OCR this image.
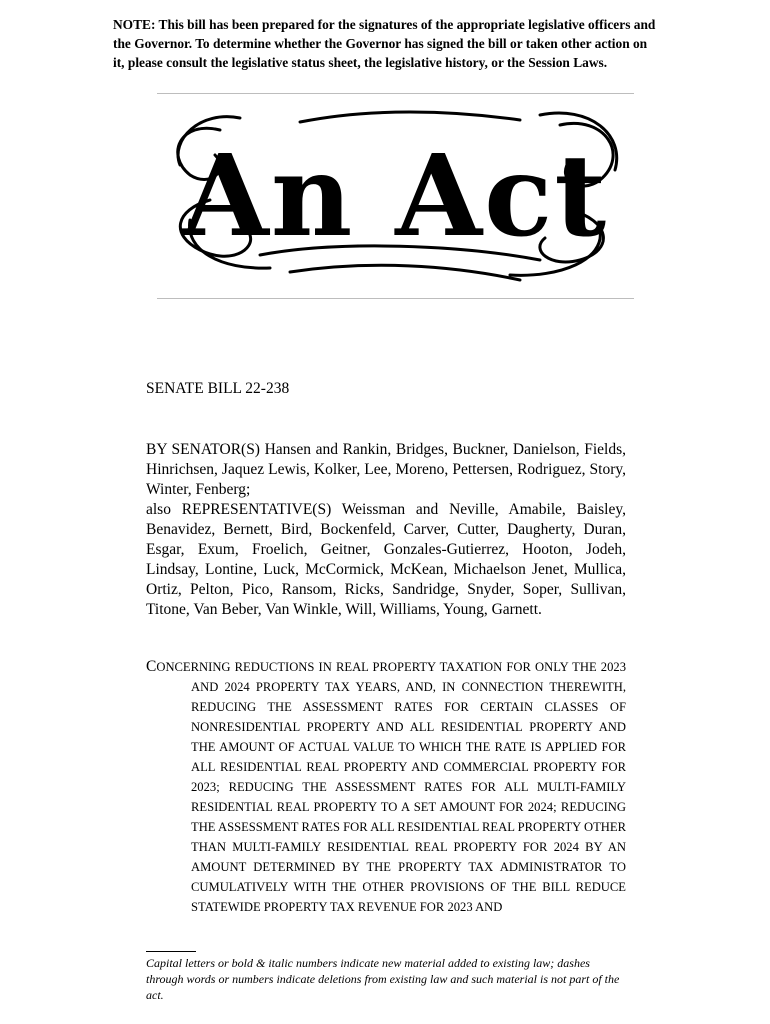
NOTE: This bill has been prepared for the signatures of the appropriate legislative officers and the Governor. To determine whether the Governor has signed the bill or taken other action on it, please consult the legislative status sheet, the legislative history, or the Session Laws.
An Act
SENATE BILL 22-238

BY SENATOR(S) Hansen and Rankin, Bridges, Buckner, Danielson, Fields, Hinrichsen, Jaquez Lewis, Kolker, Lee, Moreno, Pettersen, Rodriguez, Story, Winter, Fenberg;

also REPRESENTATIVE(S) Weissman and Neville, Amabile, Baisley, Benavidez, Bernett, Bird, Bockenfeld, Carver, Cutter, Daugherty, Duran, Esgar, Exum, Froelich, Geitner, Gonzales-Gutierrez, Hooton, Jodeh, Lindsay, Lontine, Luck, McCormick, McKean, Michaelson Jenet, Mullica, Ortiz, Pelton, Pico, Ransom, Ricks, Sandridge, Snyder, Soper, Sullivan, Titone, Van Beber, Van Winkle, Will, Williams, Young, Garnett.

CONCERNING REDUCTIONS IN REAL PROPERTY TAXATION FOR ONLY THE 2023 AND 2024 PROPERTY TAX YEARS, AND, IN CONNECTION THEREWITH, REDUCING THE ASSESSMENT RATES FOR CERTAIN CLASSES OF NONRESIDENTIAL PROPERTY AND ALL RESIDENTIAL PROPERTY AND THE AMOUNT OF ACTUAL VALUE TO WHICH THE RATE IS APPLIED FOR ALL RESIDENTIAL REAL PROPERTY AND COMMERCIAL PROPERTY FOR 2023; REDUCING THE ASSESSMENT RATES FOR ALL MULTI-FAMILY RESIDENTIAL REAL PROPERTY TO A SET AMOUNT FOR 2024; REDUCING THE ASSESSMENT RATES FOR ALL RESIDENTIAL REAL PROPERTY OTHER THAN MULTI-FAMILY RESIDENTIAL REAL PROPERTY FOR 2024 BY AN AMOUNT DETERMINED BY THE PROPERTY TAX ADMINISTRATOR TO CUMULATIVELY WITH THE OTHER PROVISIONS OF THE BILL REDUCE STATEWIDE PROPERTY TAX REVENUE FOR 2023 AND
Capital letters or bold & italic numbers indicate new material added to existing law; dashes through words or numbers indicate deletions from existing law and such material is not part of the act.
